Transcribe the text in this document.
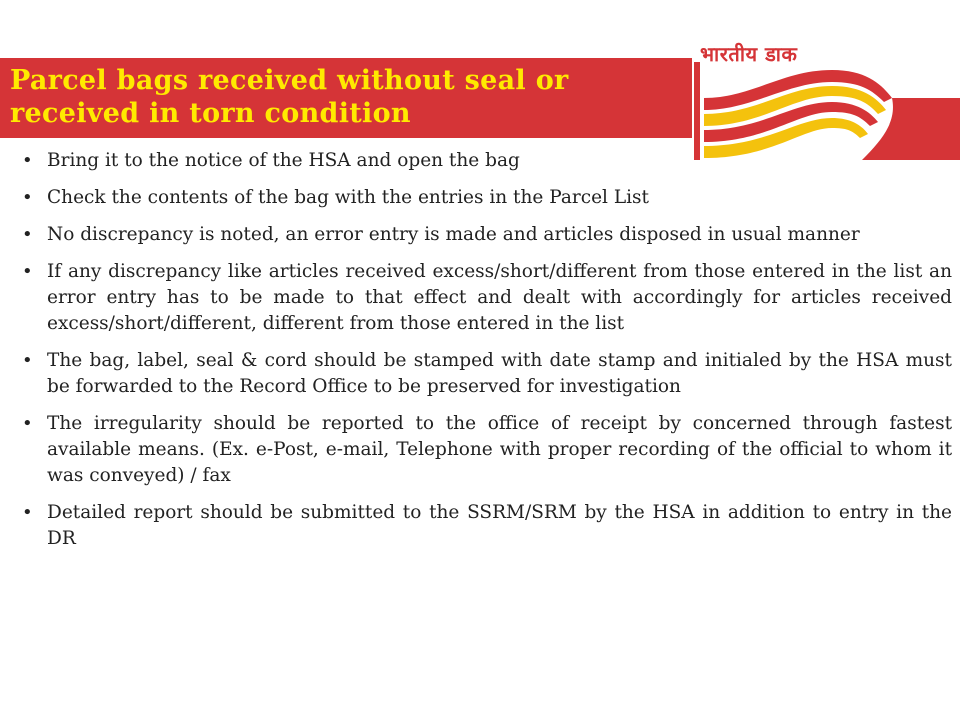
Parcel bags received without seal or received in torn condition
भारतीय डाक
• Bring it to the notice of the HSA and open the bag
• Check the contents of the bag with the entries in the Parcel List
• No discrepancy is noted, an error entry is made and articles disposed in usual manner
• If any discrepancy like articles received excess/short/different from those entered in the list an error entry has to be made to that effect and dealt with accordingly for articles received excess/short/different, different from those entered in the list
• The bag, label, seal & cord should be stamped with date stamp and initialed by the HSA must be forwarded to the Record Office to be preserved for investigation
• The irregularity should be reported to the office of receipt by concerned through fastest available means. (Ex. e-Post, e-mail, Telephone with proper recording of the official to whom it was conveyed) / fax
• Detailed report should be submitted to the SSRM/SRM by the HSA in addition to entry in the DR
